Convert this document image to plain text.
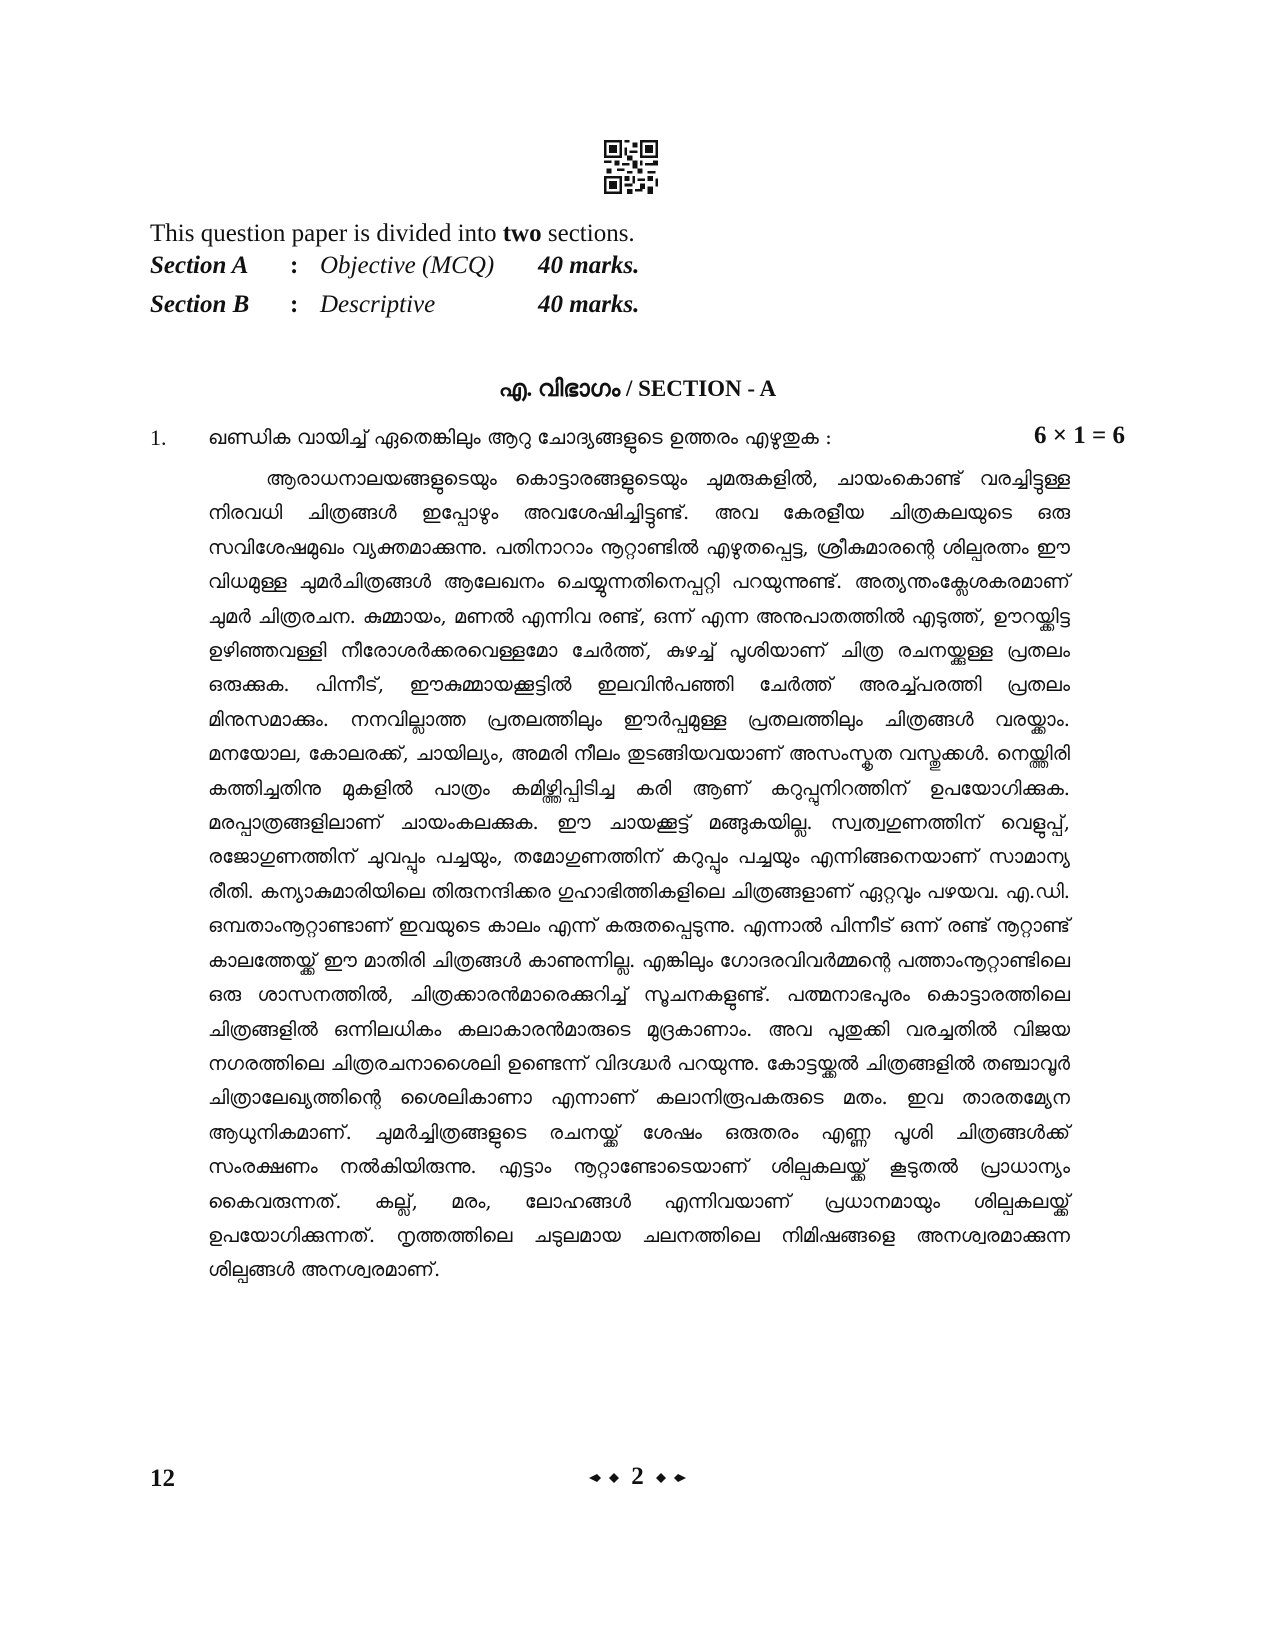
This question paper is divided into two sections.
Section A : Objective (MCQ) 40 marks.
Section B : Descriptive	40 marks.
എ. വിഭാഗം / SECTION - A
1. ഖണ്ഡിക വായിച്ച് ഏതെങ്കിലും ആറു ചോദ്യങ്ങളുടെ ഉത്തരം എഴുതുക :	6 × 1 = 6

ആരാധനാലയങ്ങളുടെയും കൊട്ടാരങ്ങളുടെയും ചുമരുകളിൽ, ചായംകൊണ്ട് വരച്ചിട്ടുള്ള നിരവധി ചിത്രങ്ങൾ ഇപ്പോഴും അവശേഷിച്ചിട്ടുണ്ട്. അവ കേരളീയ ചിത്രകലയുടെ ഒരു സവിശേഷമുഖം വ്യക്തമാക്കുന്നു. പതിനാറാം നൂറ്റാണ്ടിൽ എഴുതപ്പെട്ട, ശ്രീകുമാരന്റെ ശില്പരത്നം ഈ വിധമുള്ള ചുമർചിത്രങ്ങൾ ആലേഖനം ചെയ്യുന്നതിനെപ്പറ്റി പറയുന്നുണ്ട്. അത്യന്തംക്ലേശകരമാണ് ചുമർ ചിത്രരചന. കുമ്മായം, മണൽ എന്നിവ രണ്ട്, ഒന്ന് എന്ന അനുപാതത്തിൽ എടുത്ത്, ഊറയ്ക്കിട്ട ഉഴിഞ്ഞവള്ളി നീരോശർക്കരവെള്ളമോ ചേർത്ത്, കുഴച്ച് പൂശിയാണ് ചിത്ര രചനയ്ക്കുള്ള പ്രതലം ഒരുക്കുക. പിന്നീട്, ഈകുമ്മായക്കൂട്ടിൽ ഇലവിൻപഞ്ഞി ചേർത്ത് അരച്ച്പരത്തി പ്രതലം മിനുസമാക്കും. നനവില്ലാത്ത പ്രതലത്തിലും ഈർപ്പമുള്ള പ്രതലത്തിലും ചിത്രങ്ങൾ വരയ്ക്കാം. മനയോല, കോലരക്ക്, ചായില്യം, അമരി നീലം തുടങ്ങിയവയാണ് അസംസ്കൃത വസ്തുക്കൾ. നെയ്ത്തിരി കത്തിച്ചതിനു മുകളിൽ പാത്രം കമിഴ്ത്തിപ്പിടിച്ച കരി ആണ് കറുപ്പുനിറത്തിന് ഉപയോഗിക്കുക. മരപ്പാത്രങ്ങളിലാണ് ചായംകലക്കുക. ഈ ചായക്കൂട്ട് മങ്ങുകയില്ല. സ്വത്വഗുണത്തിന് വെളുപ്പ്, രജോഗുണത്തിന് ചുവപ്പും പച്ചയും, തമോഗുണത്തിന് കറുപ്പും പച്ചയും എന്നിങ്ങനെയാണ് സാമാന്യ രീതി. കന്യാകുമാരിയിലെ തിരുനന്ദിക്കര ഗുഹാഭിത്തികളിലെ ചിത്രങ്ങളാണ് ഏറ്റവും പഴയവ. എ.ഡി. ഒമ്പതാംനൂറ്റാണ്ടാണ് ഇവയുടെ കാലം എന്ന് കരുതപ്പെടുന്നു. എന്നാൽ പിന്നീട് ഒന്ന് രണ്ട് നൂറ്റാണ്ട് കാലത്തേയ്ക്ക് ഈ മാതിരി ചിത്രങ്ങൾ കാണുന്നില്ല. എങ്കിലും ഗോദരവിവർമ്മന്റെ പത്താംനൂറ്റാണ്ടിലെ ഒരു ശാസനത്തിൽ, ചിത്രക്കാരൻമാരെക്കുറിച്ച് സൂചനകളുണ്ട്. പത്മനാഭപുരം കൊട്ടാരത്തിലെ ചിത്രങ്ങളിൽ ഒന്നിലധികം കലാകാരൻമാരുടെ മുദ്രകാണാം. അവ പുതുക്കി വരച്ചതിൽ വിജയ നഗരത്തിലെ ചിത്രരചനാശൈലി ഉണ്ടെന്ന് വിദഗ്ദ്ധർ പറയുന്നു. കോട്ടയ്ക്കൽ ചിത്രങ്ങളിൽ തഞ്ചാവൂർ ചിത്രാലേഖ്യത്തിന്റെ ശൈലികാണാ എന്നാണ് കലാനിരൂപകരുടെ മതം. ഇവ താരതമ്യേന ആധുനികമാണ്. ചുമർച്ചിത്രങ്ങളുടെ രചനയ്ക്ക് ശേഷം ഒരുതരം എണ്ണ പൂശി ചിത്രങ്ങൾക്ക് സംരക്ഷണം നൽകിയിരുന്നു. എട്ടാം നൂറ്റാണ്ടോടെയാണ് ശില്പകലയ്ക്ക് കൂടുതൽ പ്രാധാന്യം കൈവരുന്നത്. കല്ല്, മരം, ലോഹങ്ങൾ എന്നിവയാണ് പ്രധാനമായും ശില്പകലയ്ക്ക് ഉപയോഗിക്കുന്നത്. നൃത്തത്തിലെ ചടുലമായ ചലനത്തിലെ നിമിഷങ്ങളെ അനശ്വരമാക്കുന്ന ശില്പങ്ങൾ അനശ്വരമാണ്.

12	2
